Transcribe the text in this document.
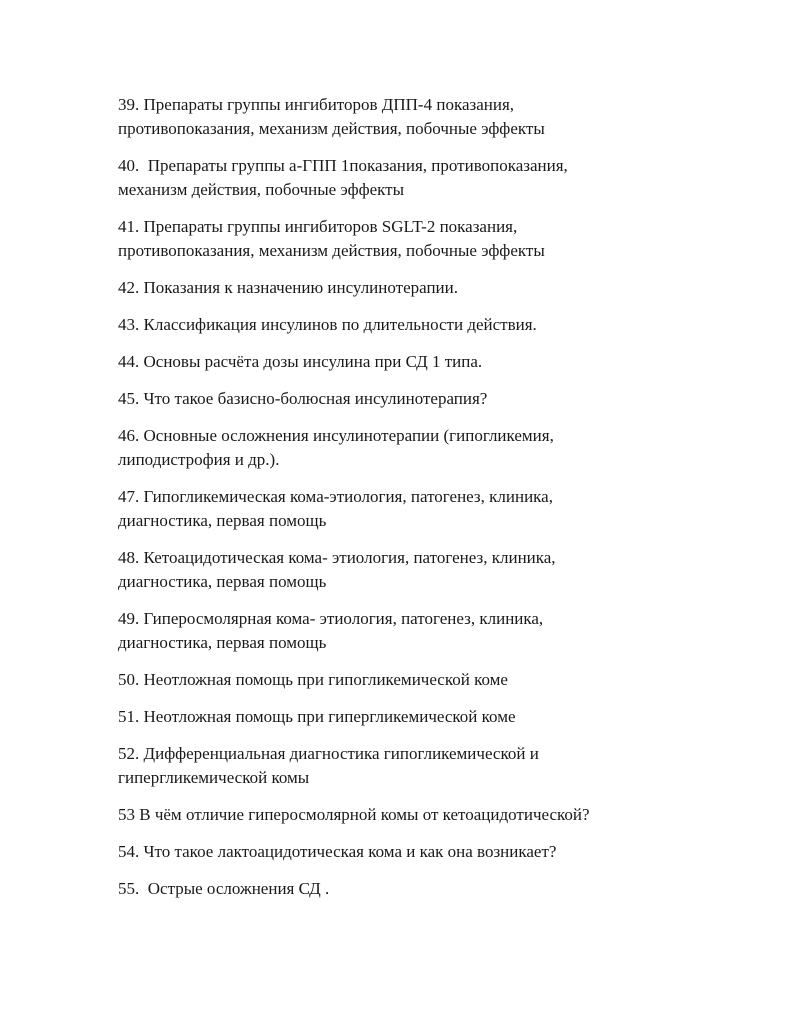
39. Препараты группы ингибиторов ДПП-4 показания,
противопоказания, механизм действия, побочные эффекты
40.  Препараты группы а-ГПП 1показания, противопоказания,
механизм действия, побочные эффекты
41. Препараты группы ингибиторов SGLT-2 показания,
противопоказания, механизм действия, побочные эффекты
42. Показания к назначению инсулинотерапии.
43. Классификация инсулинов по длительности действия.
44. Основы расчёта дозы инсулина при СД 1 типа.
45. Что такое базисно-болюсная инсулинотерапия?
46. Основные осложнения инсулинотерапии (гипогликемия,
липодистрофия и др.).
47. Гипогликемическая кома-этиология, патогенез, клиника,
диагностика, первая помощь
48. Кетоацидотическая кома- этиология, патогенез, клиника,
диагностика, первая помощь
49. Гиперосмолярная кома- этиология, патогенез, клиника,
диагностика, первая помощь
50. Неотложная помощь при гипогликемической коме
51. Неотложная помощь при гипергликемической коме
52. Дифференциальная диагностика гипогликемической и
гипергликемической комы
53 В чём отличие гиперосмолярной комы от кетоацидотической?
54. Что такое лактоацидотическая кома и как она возникает?
55.  Острые осложнения СД .
